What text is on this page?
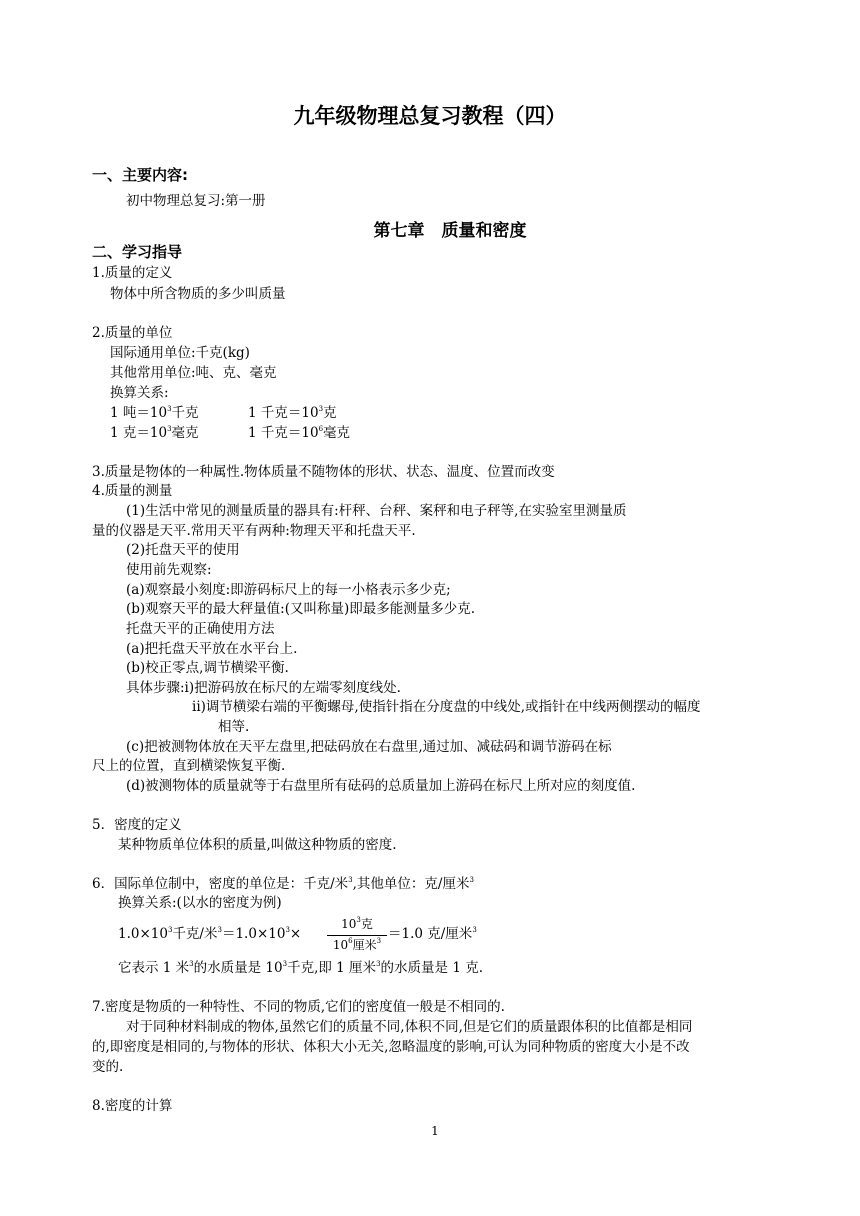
九年级物理总复习教程（四）
一、主要内容:
初中物理总复习:第一册
第七章　质量和密度
二、学习指导
1.质量的定义
物体中所含物质的多少叫质量
2.质量的单位
国际通用单位:千克(kg)
其他常用单位:吨、克、毫克
换算关系:
1 吨$=10^3$千克	1 千克$=10^3$克
1 克$=10^3$毫克	1 千克$=10^6$毫克
3.质量是物体的一种属性.物体质量不随物体的形状、状态、温度、位置而改变
4.质量的测量
(1)生活中常见的测量质量的器具有:杆秤、台秤、案秤和电子秤等,在实验室里测量质
量的仪器是天平.常用天平有两种:物理天平和托盘天平.
(2)托盘天平的使用
使用前先观察:
(a)观察最小刻度:即游码标尺上的每一小格表示多少克;
(b)观察天平的最大秤量值:(又叫称量)即最多能测量多少克.
托盘天平的正确使用方法
(a)把托盘天平放在水平台上.
(b)校正零点,调节横梁平衡.
具体步骤:i)把游码放在标尺的左端零刻度线处.
ii)调节横梁右端的平衡螺母,使指针指在分度盘的中线处,或指针在中线两侧摆动的幅度
相等.
(c)把被测物体放在天平左盘里,把砝码放在右盘里,通过加、减砝码和调节游码在标
尺上的位置，直到横梁恢复平衡.
(d)被测物体的质量就等于右盘里所有砝码的总质量加上游码在标尺上所对应的刻度值.
5．密度的定义
某种物质单位体积的质量,叫做这种物质的密度.
6．国际单位制中，密度的单位是：千克/米$^3$,其他单位：克/厘米$^3$
换算关系:(以水的密度为例)
$1.0\times 10^3$千克/米$^3=1.0\times 10^3\times$
$10^3$克
$10^6$厘米$^3$ ＝1.0 克/厘米$^3$
它表示 1 米$^3$的水质量是 $10^3$千克,即 1 厘米$^3$的水质量是 1 克.
7.密度是物质的一种特性、不同的物质,它们的密度值一般是不相同的.
对于同种材料制成的物体,虽然它们的质量不同,体积不同,但是它们的质量跟体积的比值都是相同
的,即密度是相同的,与物体的形状、体积大小无关,忽略温度的影响,可认为同种物质的密度大小是不改
变的.
8.密度的计算
1
